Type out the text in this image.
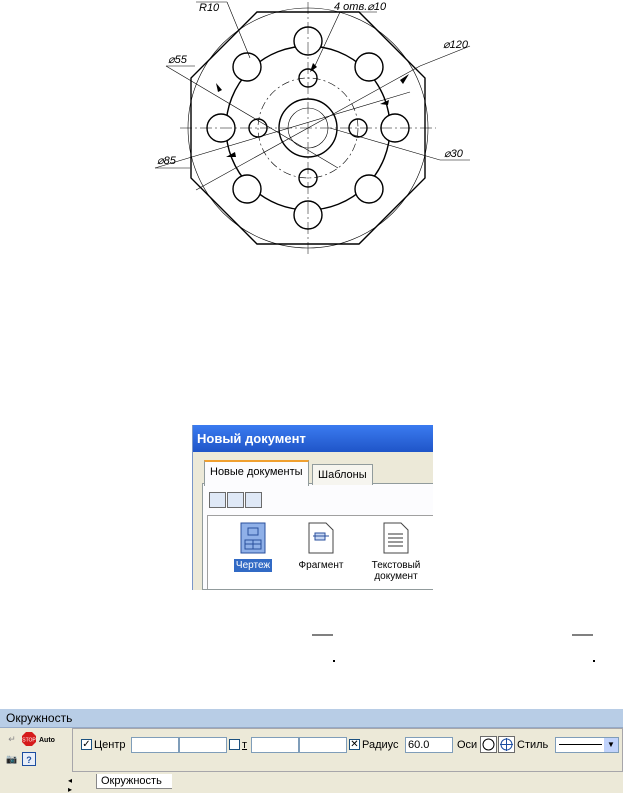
R10	4 отв.⌀10
⌀120
⌀55
⌀85
⌀30
Новый документ

Чертеж	Фрагмент	Текстовый
документ
Новые документы	Шаблоны
Окружность
↵	STOP Auto
📷 ?
✓ Центр	т	✕ Радиус 60.0	Оси	Стиль	▼
◂ ▸
Окружность
